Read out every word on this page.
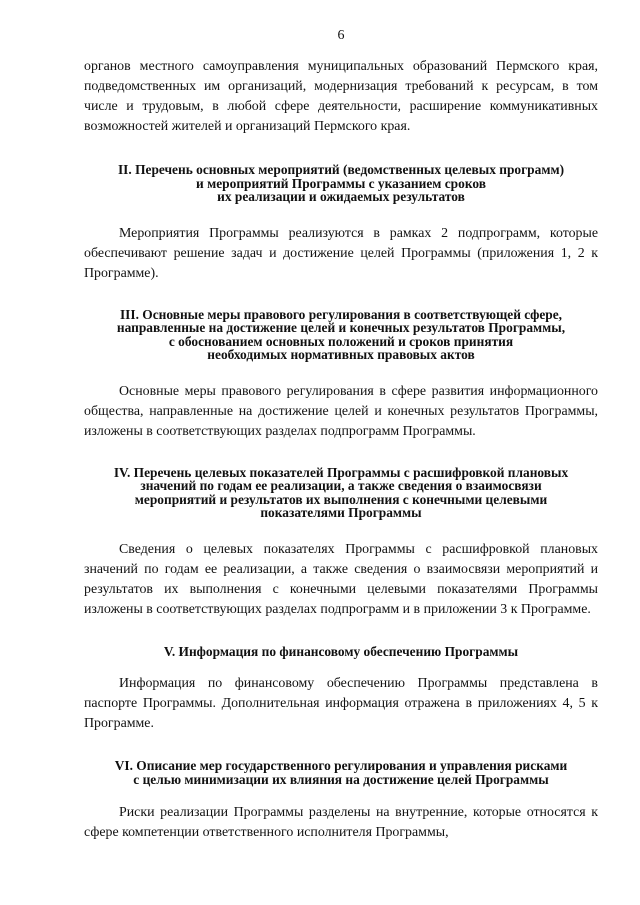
6

органов местного самоуправления муниципальных образований Пермского края, подведомственных им организаций, модернизация требований к ресурсам, в том числе и трудовым, в любой сфере деятельности, расширение коммуникативных возможностей жителей и организаций Пермского края.

II. Перечень основных мероприятий (ведомственных целевых программ)
и мероприятий Программы с указанием сроков
их реализации и ожидаемых результатов

Мероприятия Программы реализуются в рамках 2 подпрограмм, которые обеспечивают решение задач и достижение целей Программы (приложения 1, 2 к Программе).

III. Основные меры правового регулирования в соответствующей сфере,
направленные на достижение целей и конечных результатов Программы,
с обоснованием основных положений и сроков принятия
необходимых нормативных правовых актов

Основные меры правового регулирования в сфере развития информационного общества, направленные на достижение целей и конечных результатов Программы, изложены в соответствующих разделах подпрограмм Программы.

IV. Перечень целевых показателей Программы с расшифровкой плановых
значений по годам ее реализации, а также сведения о взаимосвязи
мероприятий и результатов их выполнения с конечными целевыми
показателями Программы

Сведения о целевых показателях Программы с расшифровкой плановых значений по годам ее реализации, а также сведения о взаимосвязи мероприятий и результатов их выполнения с конечными целевыми показателями Программы изложены в соответствующих разделах подпрограмм и в приложении 3 к Программе.

V. Информация по финансовому обеспечению Программы

Информация по финансовому обеспечению Программы представлена в паспорте Программы. Дополнительная информация отражена в приложениях 4, 5 к Программе.

VI. Описание мер государственного регулирования и управления рисками
с целью минимизации их влияния на достижение целей Программы

Риски реализации Программы разделены на внутренние, которые относятся к сфере компетенции ответственного исполнителя Программы,
